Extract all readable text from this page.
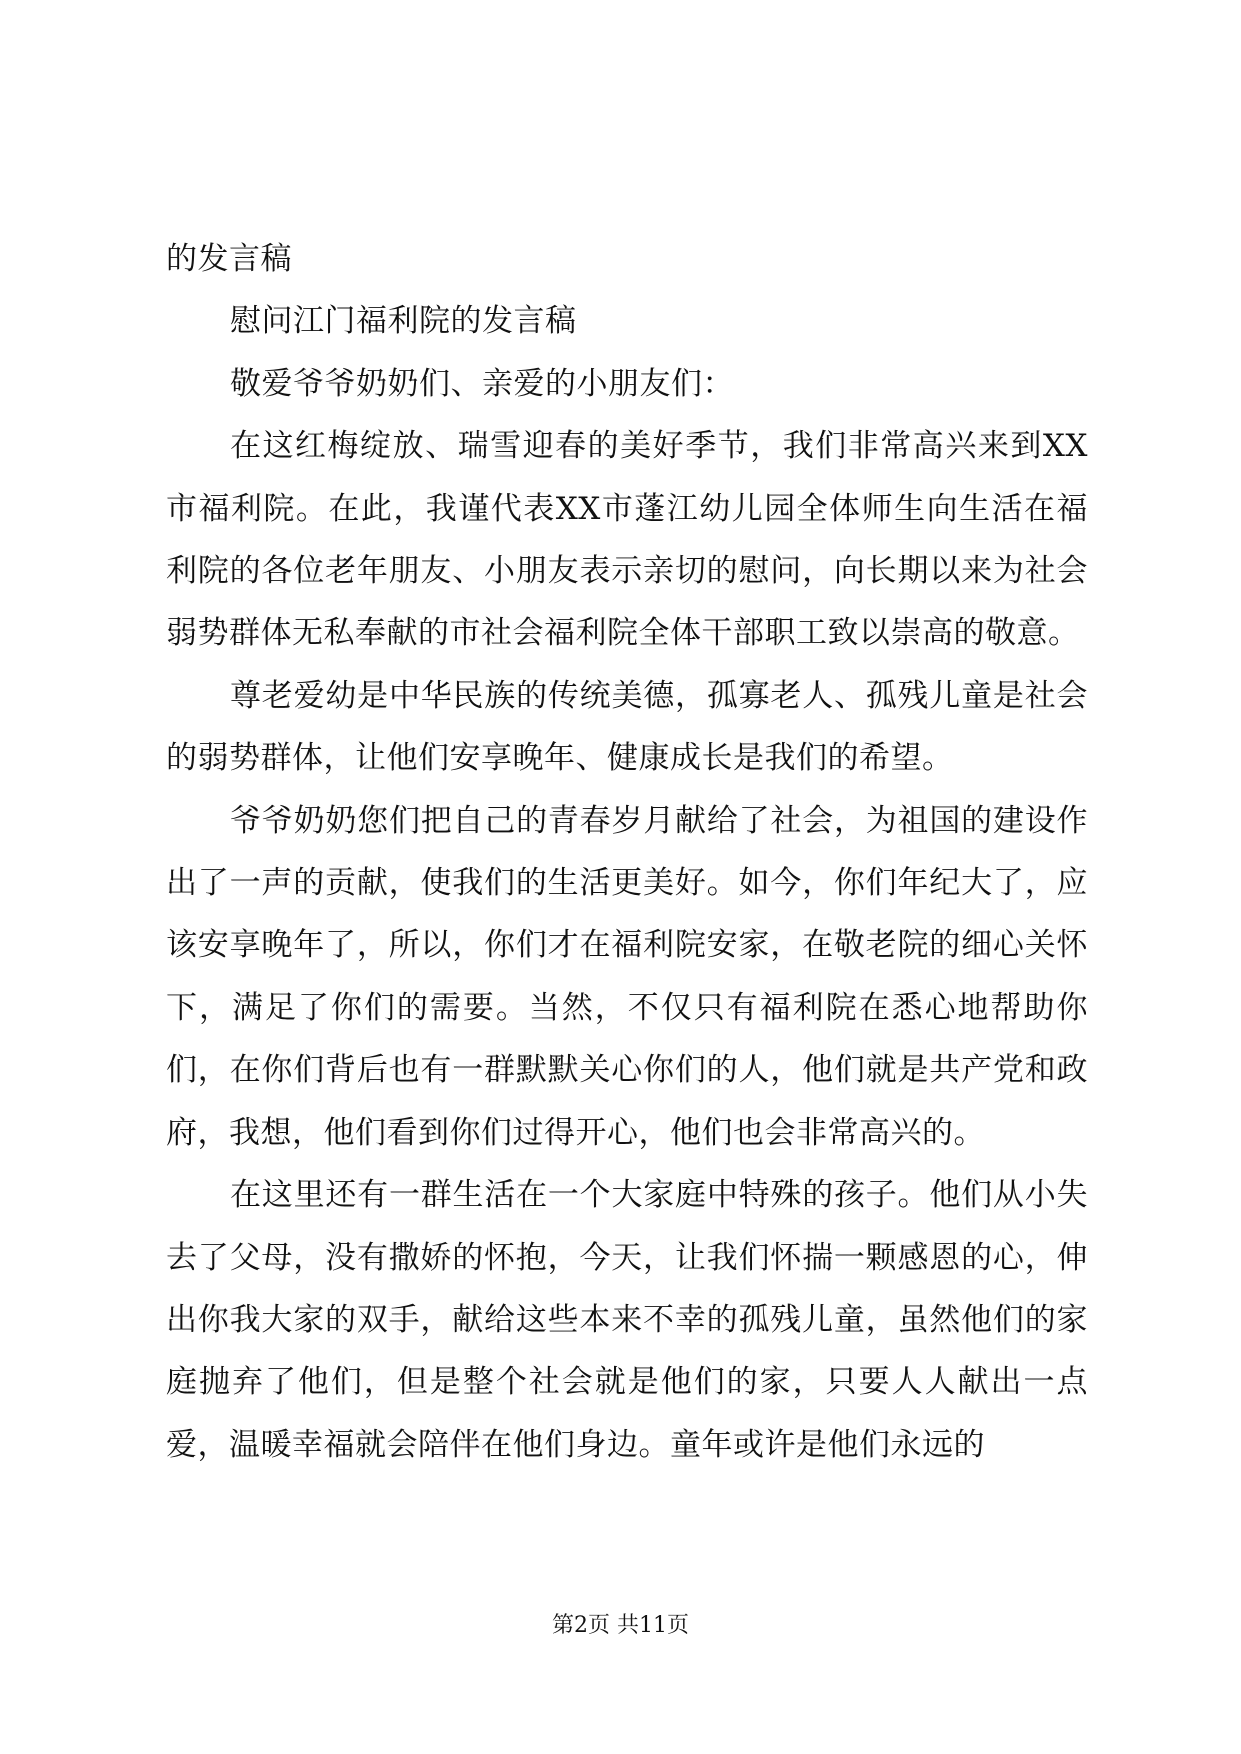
的发言稿

慰问江门福利院的发言稿

敬爱爷爷奶奶们、亲爱的小朋友们：

在这红梅绽放、瑞雪迎春的美好季节，我们非常高兴来到XX市福利院。在此，我谨代表XX市蓬江幼儿园全体师生向生活在福利院的各位老年朋友、小朋友表示亲切的慰问，向长期以来为社会弱势群体无私奉献的市社会福利院全体干部职工致以崇高的敬意。

尊老爱幼是中华民族的传统美德，孤寡老人、孤残儿童是社会的弱势群体，让他们安享晚年、健康成长是我们的希望。

爷爷奶奶您们把自己的青春岁月献给了社会，为祖国的建设作出了一声的贡献，使我们的生活更美好。如今，你们年纪大了，应该安享晚年了，所以，你们才在福利院安家，在敬老院的细心关怀下，满足了你们的需要。当然，不仅只有福利院在悉心地帮助你们，在你们背后也有一群默默关心你们的人，他们就是共产党和政府，我想，他们看到你们过得开心，他们也会非常高兴的。

在这里还有一群生活在一个大家庭中特殊的孩子。他们从小失去了父母，没有撒娇的怀抱，今天，让我们怀揣一颗感恩的心，伸出你我大家的双手，献给这些本来不幸的孤残儿童，虽然他们的家庭抛弃了他们，但是整个社会就是他们的家，只要人人献出一点爱，温暖幸福就会陪伴在他们身边。童年或许是他们永远的

第2页 共11页
